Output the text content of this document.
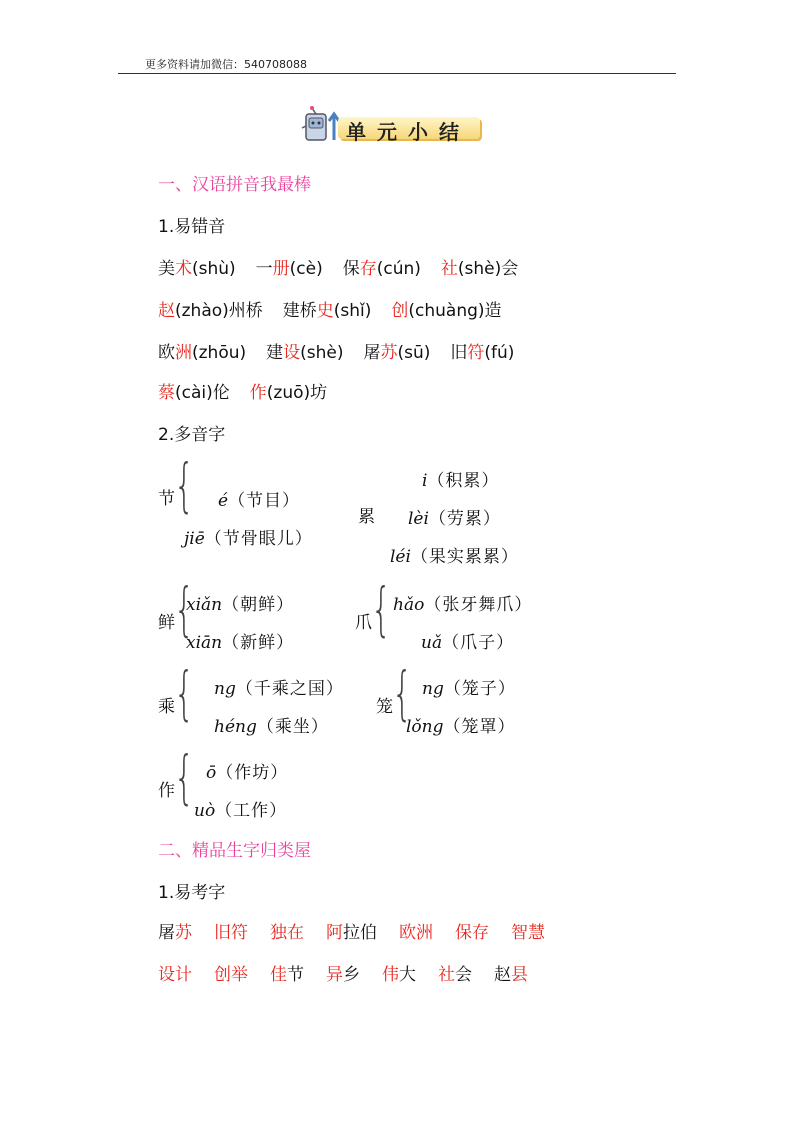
更多资料请加微信：540708088
单元小结
一、汉语拼音我最棒
1.易错音
美术(shù) 一册(cè) 保存(cún) 社(shè)会
赵(zhào)州桥 建桥史(shǐ) 创(chuàng)造
欧洲(zhōu) 建设(shè) 屠苏(sū) 旧符(fú)
蔡(cài)伦 作(zuō)坊
2.多音字
节 { é（节目）
jiē（节骨眼儿）
累
i（积累）
lèi（劳累）
léi（果实累累）
鲜 {
xiǎn（朝鲜）
xiān（新鲜）
爪 { hǎo（张牙舞爪）
uǎ（爪子）
乘 { ng（千乘之国）
héng（乘坐）
笼 { ng（笼子）
lǒng（笼罩）
作 { ō（作坊）
uò（工作）
二、精品生字归类屋
1.易考字
屠苏 旧符 独在 阿拉伯 欧洲 保存 智慧
设计 创举 佳节 异乡 伟大 社会 赵县
